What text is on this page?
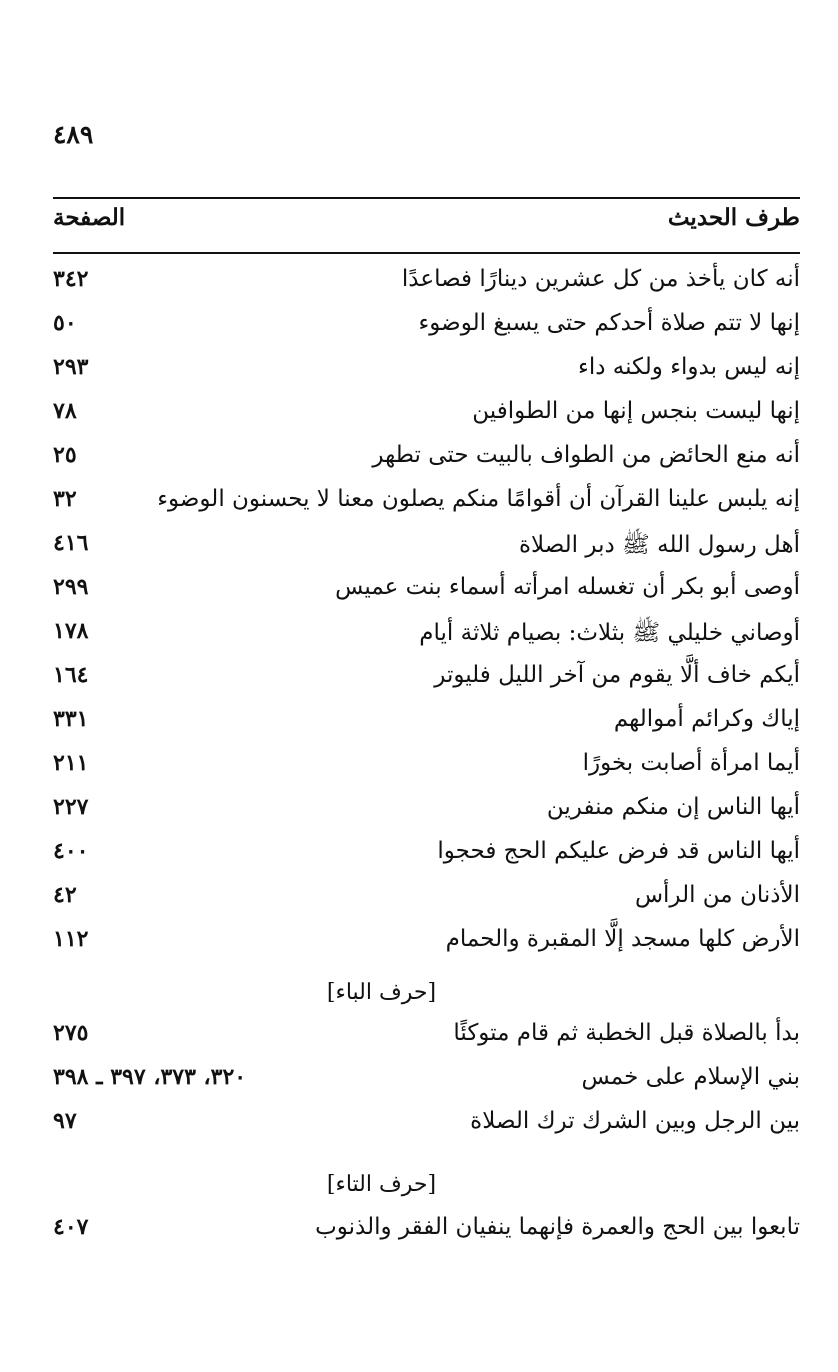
٤٨٩
طرف الحديث
الصفحة
أنه كان يأخذ من كل عشرين دينارًا فصاعدًا
٣٤٢
إنها لا تتم صلاة أحدكم حتى يسبغ الوضوء
٥٠
إنه ليس بدواء ولكنه داء
٢٩٣
إنها ليست بنجس إنها من الطوافين
٧٨
أنه منع الحائض من الطواف بالبيت حتى تطهر
٢٥
إنه يلبس علينا القرآن أن أقوامًا منكم يصلون معنا لا يحسنون الوضوء
٣٢
أهل رسول الله ﷺ دبر الصلاة
٤١٦
أوصى أبو بكر أن تغسله امرأته أسماء بنت عميس
٢٩٩
أوصاني خليلي ﷺ بثلاث: بصيام ثلاثة أيام
١٧٨
أيكم خاف ألَّا يقوم من آخر الليل فليوتر
١٦٤
إياك وكرائم أموالهم
٣٣١
أيما امرأة أصابت بخورًا
٢١١
أيها الناس إن منكم منفرين
٢٢٧
أيها الناس قد فرض عليكم الحج فحجوا
٤٠٠
الأذنان من الرأس
٤٢
الأرض كلها مسجد إلَّا المقبرة والحمام
١١٢
[حرف الباء]
بدأ بالصلاة قبل الخطبة ثم قام متوكئًا
٢٧٥
بني الإسلام على خمس
٣٢٠، ٣٧٣، ٣٩٧ ـ ٣٩٨
بين الرجل وبين الشرك ترك الصلاة
٩٧
[حرف التاء]
تابعوا بين الحج والعمرة فإنهما ينفيان الفقر والذنوب
٤٠٧
